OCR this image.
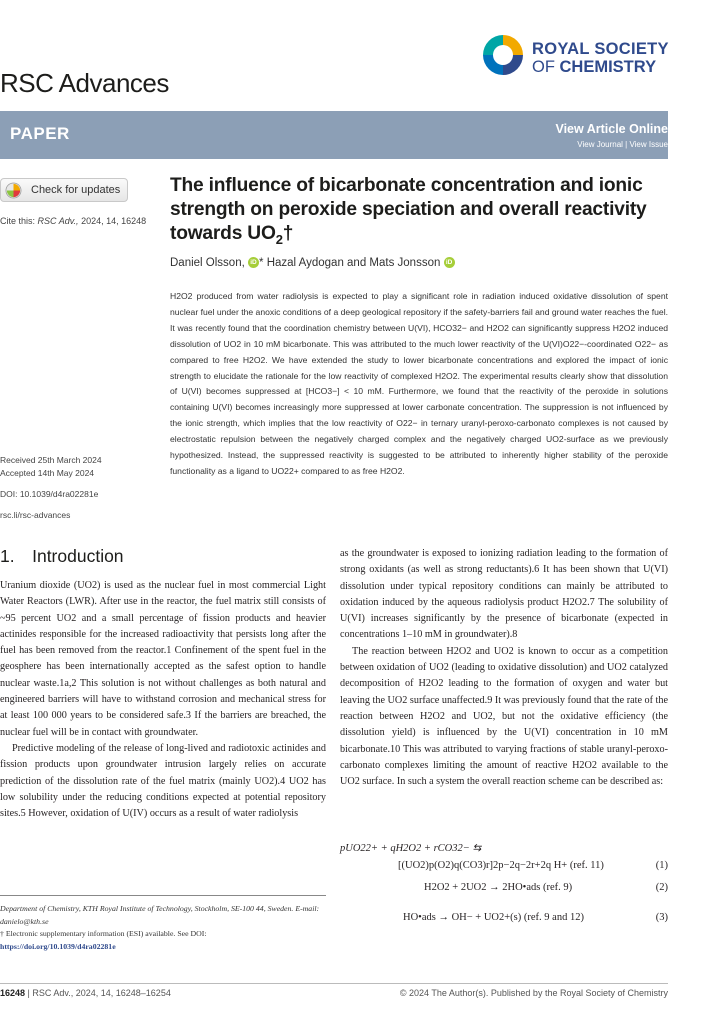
RSC Advances
ROYAL SOCIETY
OF CHEMISTRY
PAPER	View Article Online
View Journal | View Issue
Check for updates
Cite this: RSC Adv., 2024, 14, 16248
Received 25th March 2024
Accepted 14th May 2024
DOI: 10.1039/d4ra02281e
rsc.li/rsc-advances
The influence of bicarbonate concentration and ionic strength on peroxide speciation and overall reactivity towards $UO_2\dagger$
Daniel Olsson, iD * Hazal Aydogan and Mats Jonsson iD
H2O2 produced from water radiolysis is expected to play a significant role in radiation induced oxidative dissolution of spent nuclear fuel under the anoxic conditions of a deep geological repository if the safety-barriers fail and ground water reaches the fuel. It was recently found that the coordination chemistry between U(VI), HCO32− and H2O2 can significantly suppress H2O2 induced dissolution of UO2 in 10 mM bicarbonate. This was attributed to the much lower reactivity of the U(VI)O22−-coordinated O22− as compared to free H2O2. We have extended the study to lower bicarbonate concentrations and explored the impact of ionic strength to elucidate the rationale for the low reactivity of complexed H2O2. The experimental results clearly show that dissolution of U(VI) becomes suppressed at [HCO3−] < 10 mM. Furthermore, we found that the reactivity of the peroxide in solutions containing U(VI) becomes increasingly more suppressed at lower carbonate concentration. The suppression is not influenced by the ionic strength, which implies that the low reactivity of O22− in ternary uranyl-peroxo-carbonato complexes is not caused by electrostatic repulsion between the negatively charged complex and the negatively charged UO2-surface as we previously hypothesized. Instead, the suppressed reactivity is suggested to be attributed to inherently higher stability of the peroxide functionality as a ligand to UO22+ compared to as free H2O2.
1. Introduction

Uranium dioxide (UO2) is used as the nuclear fuel in most commercial Light Water Reactors (LWR). After use in the reactor, the fuel matrix still consists of ~95 percent UO2 and a small percentage of fission products and heavier actinides responsible for the increased radioactivity that persists long after the fuel has been removed from the reactor.1 Confinement of the spent fuel in the geosphere has been internationally accepted as the safest option to handle nuclear waste.1a,2 This solution is not without challenges as both natural and engineered barriers will have to withstand corrosion and mechanical stress for at least 100 000 years to be considered safe.3 If the barriers are breached, the nuclear fuel will be in contact with groundwater.

Predictive modeling of the release of long-lived and radiotoxic actinides and fission products upon groundwater intrusion largely relies on accurate prediction of the dissolution rate of the fuel matrix (mainly UO2).4 UO2 has low solubility under the reducing conditions expected at potential repository sites.5 However, oxidation of U(IV) occurs as a result of water radiolysis

as the groundwater is exposed to ionizing radiation leading to the formation of strong oxidants (as well as strong reductants).6 It has been shown that U(VI) dissolution under typical repository conditions can mainly be attributed to oxidation induced by the aqueous radiolysis product H2O2.7 The solubility of U(VI) increases significantly by the presence of bicarbonate (expected in concentrations 1–10 mM in groundwater).8

The reaction between H2O2 and UO2 is known to occur as a competition between oxidation of UO2 (leading to oxidative dissolution) and UO2 catalyzed decomposition of H2O2 leading to the formation of oxygen and water but leaving the UO2 surface unaffected.9 It was previously found that the rate of the reaction between H2O2 and UO2, but not the oxidative efficiency (the dissolution yield) is influenced by the U(VI) concentration in 10 mM bicarbonate.10 This was attributed to varying fractions of stable uranyl-peroxo-carbonato complexes limiting the amount of reactive H2O2 available to the UO2 surface. In such a system the overall reaction scheme can be described as:

pUO22+ + qH2O2 + rCO32− ⇆
[(UO2)p(O2)q(CO3)r]2p−2q−2r+2q H+ (ref. 11)	(1)
H2O2 + 2UO2 → 2HO•ads (ref. 9)	(2)
HO•ads → OH− + UO2+(s) (ref. 9 and 12)	(3)
Department of Chemistry, KTH Royal Institute of Technology, Stockholm, SE-100 44, Sweden. E-mail: danielo@kth.se
† Electronic supplementary information (ESI) available. See DOI:
https://doi.org/10.1039/d4ra02281e
16248 | RSC Adv., 2024, 14, 16248–16254	© 2024 The Author(s). Published by the Royal Society of Chemistry
